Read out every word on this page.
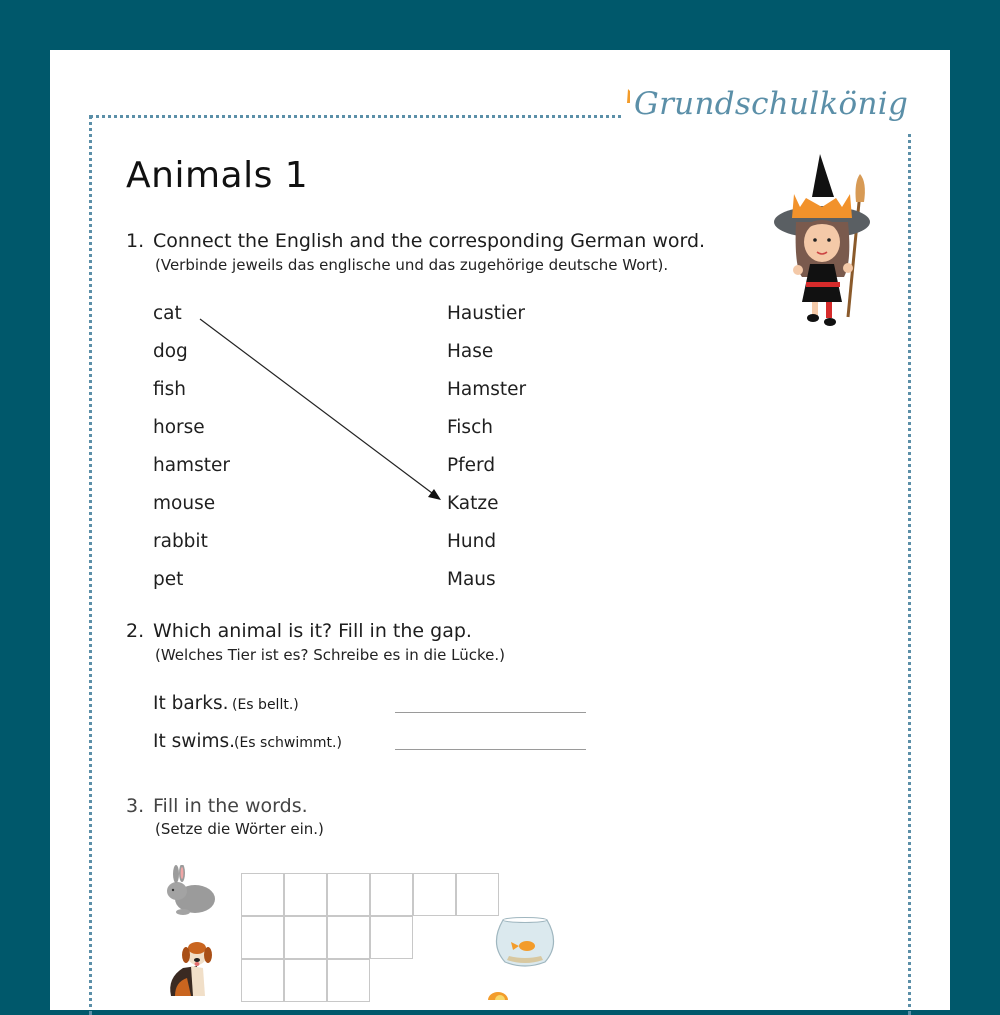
Grundschulkönig
Animals 1
1. Connect the English and the corresponding German word.
(Verbinde jeweils das englische und das zugehörige deutsche Wort).
cat
dog
fish
horse
hamster
mouse
rabbit
pet
Haustier
Hase
Hamster
Fisch
Pferd
Katze
Hund
Maus
2. Which animal is it? Fill in the gap.
(Welches Tier ist es? Schreibe es in die Lücke.)
It barks. (Es bellt.)
It swims.
(Es schwimmt.)
3. Fill in the words.
(Setze die Wörter ein.)
